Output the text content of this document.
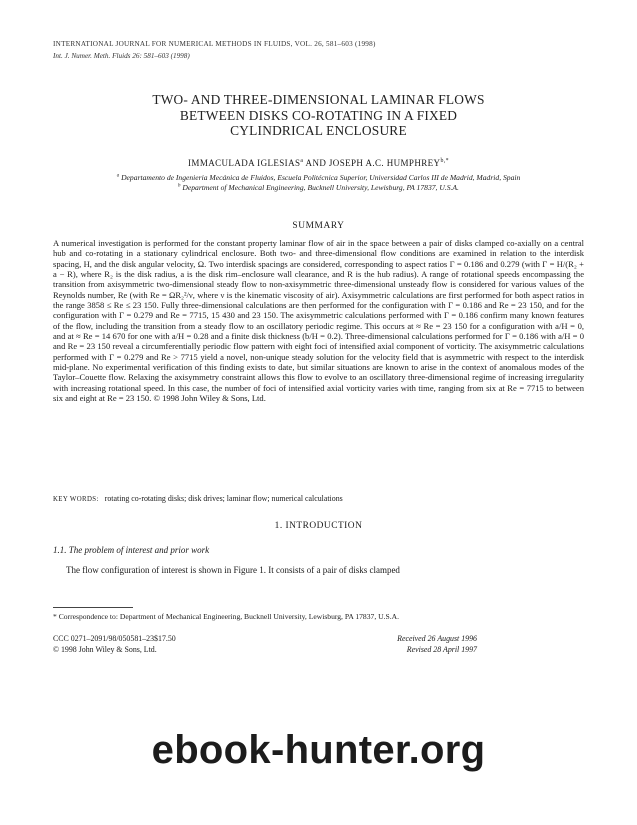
INTERNATIONAL JOURNAL FOR NUMERICAL METHODS IN FLUIDS, VOL. 26, 581–603 (1998)
Int. J. Numer. Meth. Fluids 26: 581–603 (1998)
TWO- AND THREE-DIMENSIONAL LAMINAR FLOWS
BETWEEN DISKS CO-ROTATING IN A FIXED
CYLINDRICAL ENCLOSURE
IMMACULADA IGLESIAS$^a$ AND JOSEPH A.C. $HUMPHREY^{b,*}$
$^a$ Departamento de Ingenieria Mecánica de Fluidos, Escuela Politécnica Superior, Universidad Carlos III de Madrid, Madrid, Spain
$^b$ Department of Mechanical Engineering, Bucknell University, Lewisburg, PA 17837, U.S.A.
SUMMARY
A numerical investigation is performed for the constant property laminar flow of air in the space between a pair of disks clamped co-axially on a central hub and co-rotating in a stationary cylindrical enclosure. Both two- and three-dimensional flow conditions are examined in relation to the interdisk spacing, H, and the disk angular velocity, Ω. Two interdisk spacings are considered, corresponding to aspect ratios Γ = 0.186 and 0.279 (with Γ = H/(R₂ + a − R), where R₂ is the disk radius, a is the disk rim–enclosure wall clearance, and R is the hub radius). A range of rotational speeds encompassing the transition from axisymmetric two-dimensional steady flow to non-axisymmetric three-dimensional unsteady flow is considered for various values of the Reynolds number, Re (with Re = ΩR₂²/ν, where ν is the kinematic viscosity of air). Axisymmetric calculations are first performed for both aspect ratios in the range 3858 ≤ Re ≤ 23 150. Fully three-dimensional calculations are then performed for the configuration with Γ = 0.186 and Re = 23 150, and for the configuration with Γ = 0.279 and Re = 7715, 15 430 and 23 150. The axisymmetric calculations performed with Γ = 0.186 confirm many known features of the flow, including the transition from a steady flow to an oscillatory periodic regime. This occurs at ≈ Re = 23 150 for a configuration with a/H = 0, and at ≈ Re = 14 670 for one with a/H = 0.28 and a finite disk thickness (b/H = 0.2). Three-dimensional calculations performed for Γ = 0.186 with a/H = 0 and Re = 23 150 reveal a circumferentially periodic flow pattern with eight foci of intensified axial component of vorticity. The axisymmetric calculations performed with Γ = 0.279 and Re > 7715 yield a novel, non-unique steady solution for the velocity field that is asymmetric with respect to the interdisk mid-plane. No experimental verification of this finding exists to date, but similar situations are known to arise in the context of anomalous modes of the Taylor–Couette flow. Relaxing the axisymmetry constraint allows this flow to evolve to an oscillatory three-dimensional regime of increasing irregularity with increasing rotational speed. In this case, the number of foci of intensified axial vorticity varies with time, ranging from six at Re = 7715 to between six and eight at Re = 23 150. © 1998 John Wiley & Sons, Ltd.
KEY WORDS: rotating co-rotating disks; disk drives; laminar flow; numerical calculations
1. INTRODUCTION
1.1. The problem of interest and prior work
The flow configuration of interest is shown in Figure 1. It consists of a pair of disks clamped
* Correspondence to: Department of Mechanical Engineering, Bucknell University, Lewisburg, PA 17837, U.S.A.
CCC 0271–2091/98/050581–23$17.50
© 1998 John Wiley & Sons, Ltd.
Received 26 August 1996
Revised 28 April 1997
ebook-hunter.org
